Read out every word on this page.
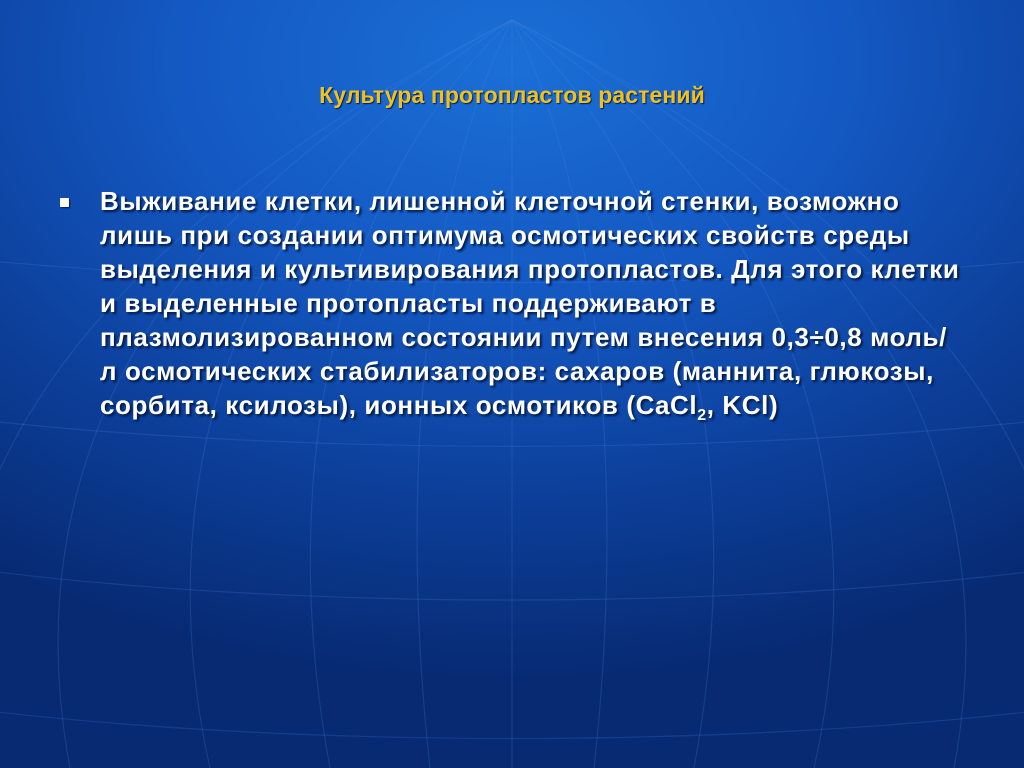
Культура протопластов растений
Выживание клетки, лишенной клеточной стенки, возможно лишь при создании оптимума осмотических свойств среды выделения и культивирования протопластов. Для этого клетки и выделенные протопласты поддерживают в плазмолизированном состоянии путем внесения 0,3÷0,8 моль/л осмотических стабилизаторов: сахаров (маннита, глюкозы, сорбита, ксилозы), ионных осмотиков (CaCl$_2$, KCl)
